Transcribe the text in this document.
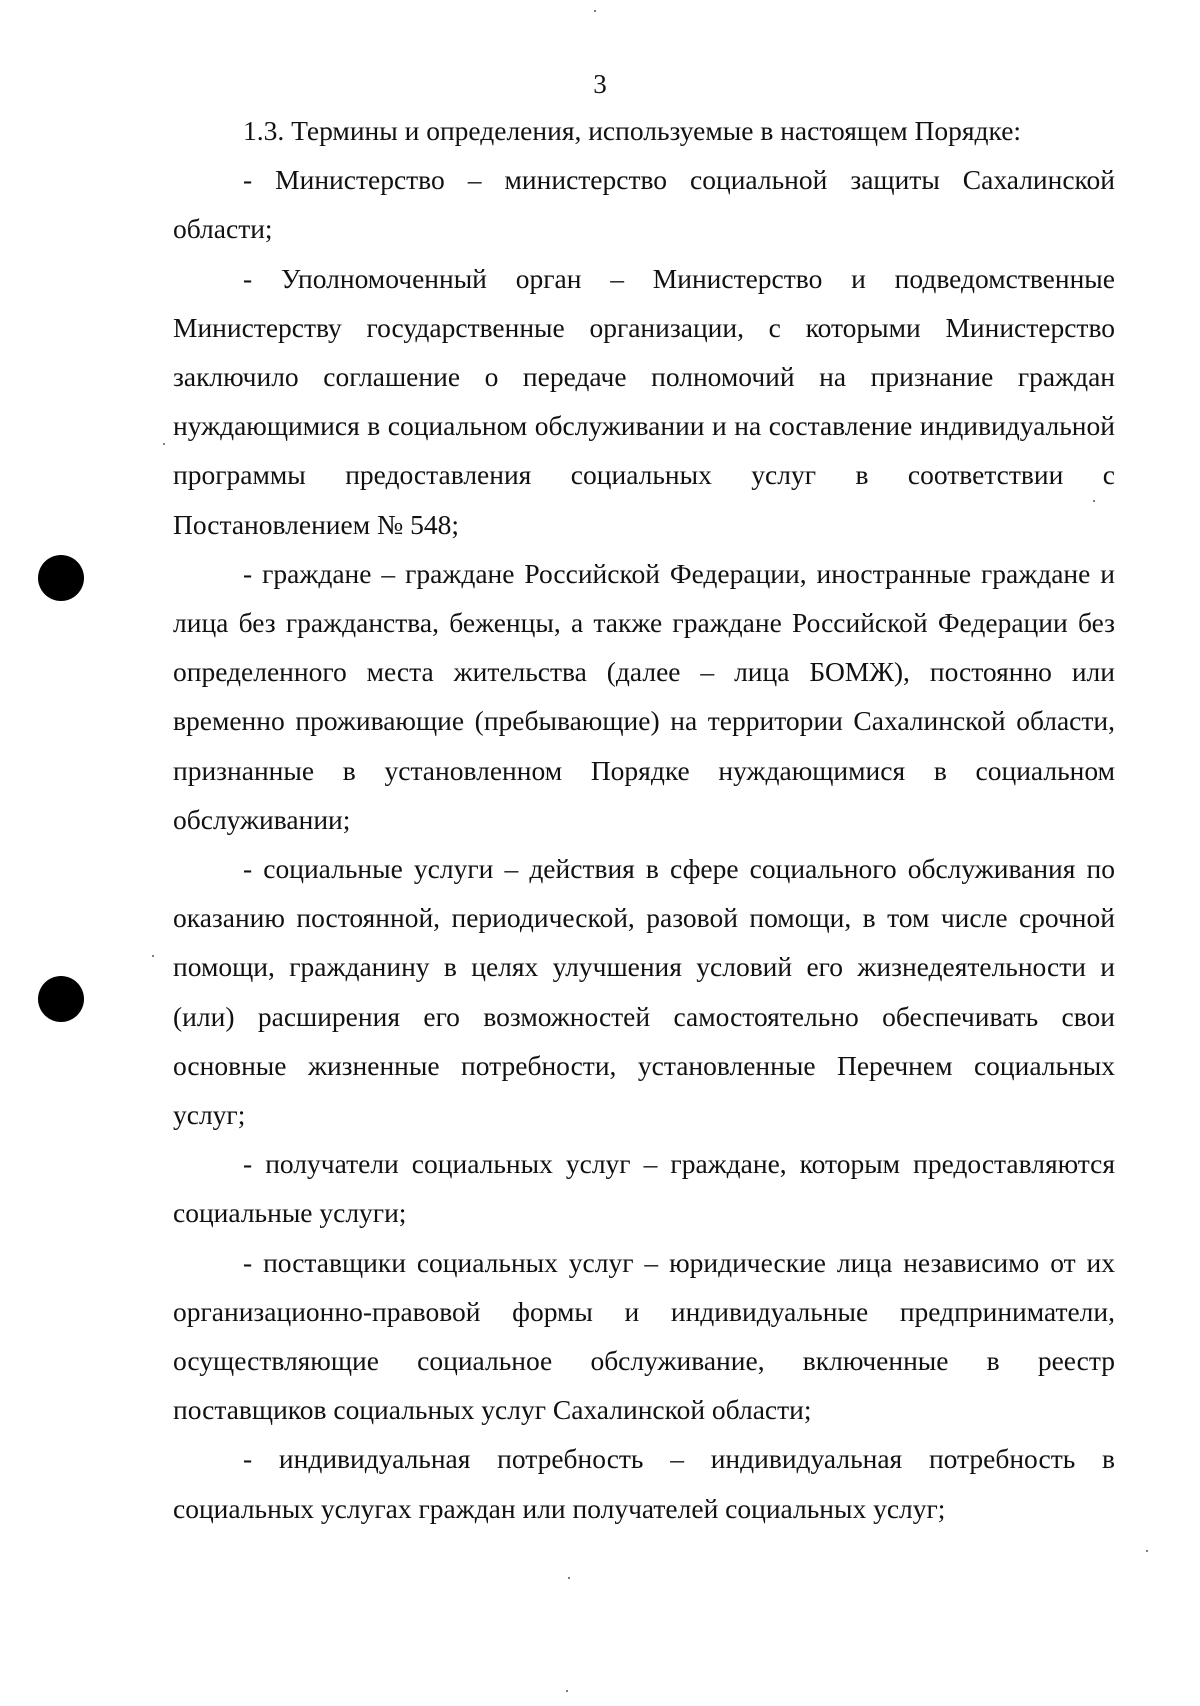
3

1.3. Термины и определения, используемые в настоящем Порядке:

- Министерство – министерство социальной защиты Сахалинской области;

- Уполномоченный орган – Министерство и подведомственные Министерству государственные организации, с которыми Министерство заключило соглашение о передаче полномочий на признание граждан нуждающимися в социальном обслуживании и на составление индивидуальной программы предоставления социальных услуг в соответствии с Постановлением № 548;

- граждане – граждане Российской Федерации, иностранные граждане и лица без гражданства, беженцы, а также граждане Российской Федерации без определенного места жительства (далее – лица БОМЖ), постоянно или временно проживающие (пребывающие) на территории Сахалинской области, признанные в установленном Порядке нуждающимися в социальном обслуживании;

- социальные услуги – действия в сфере социального обслуживания по оказанию постоянной, периодической, разовой помощи, в том числе срочной помощи, гражданину в целях улучшения условий его жизнедеятельности и (или) расширения его возможностей самостоятельно обеспечивать свои основные жизненные потребности, установленные Перечнем социальных услуг;

- получатели социальных услуг – граждане, которым предоставляются социальные услуги;

- поставщики социальных услуг – юридические лица независимо от их организационно-правовой формы и индивидуальные предприниматели, осуществляющие социальное обслуживание, включенные в реестр поставщиков социальных услуг Сахалинской области;

- индивидуальная потребность – индивидуальная потребность в социальных услугах граждан или получателей социальных услуг;
